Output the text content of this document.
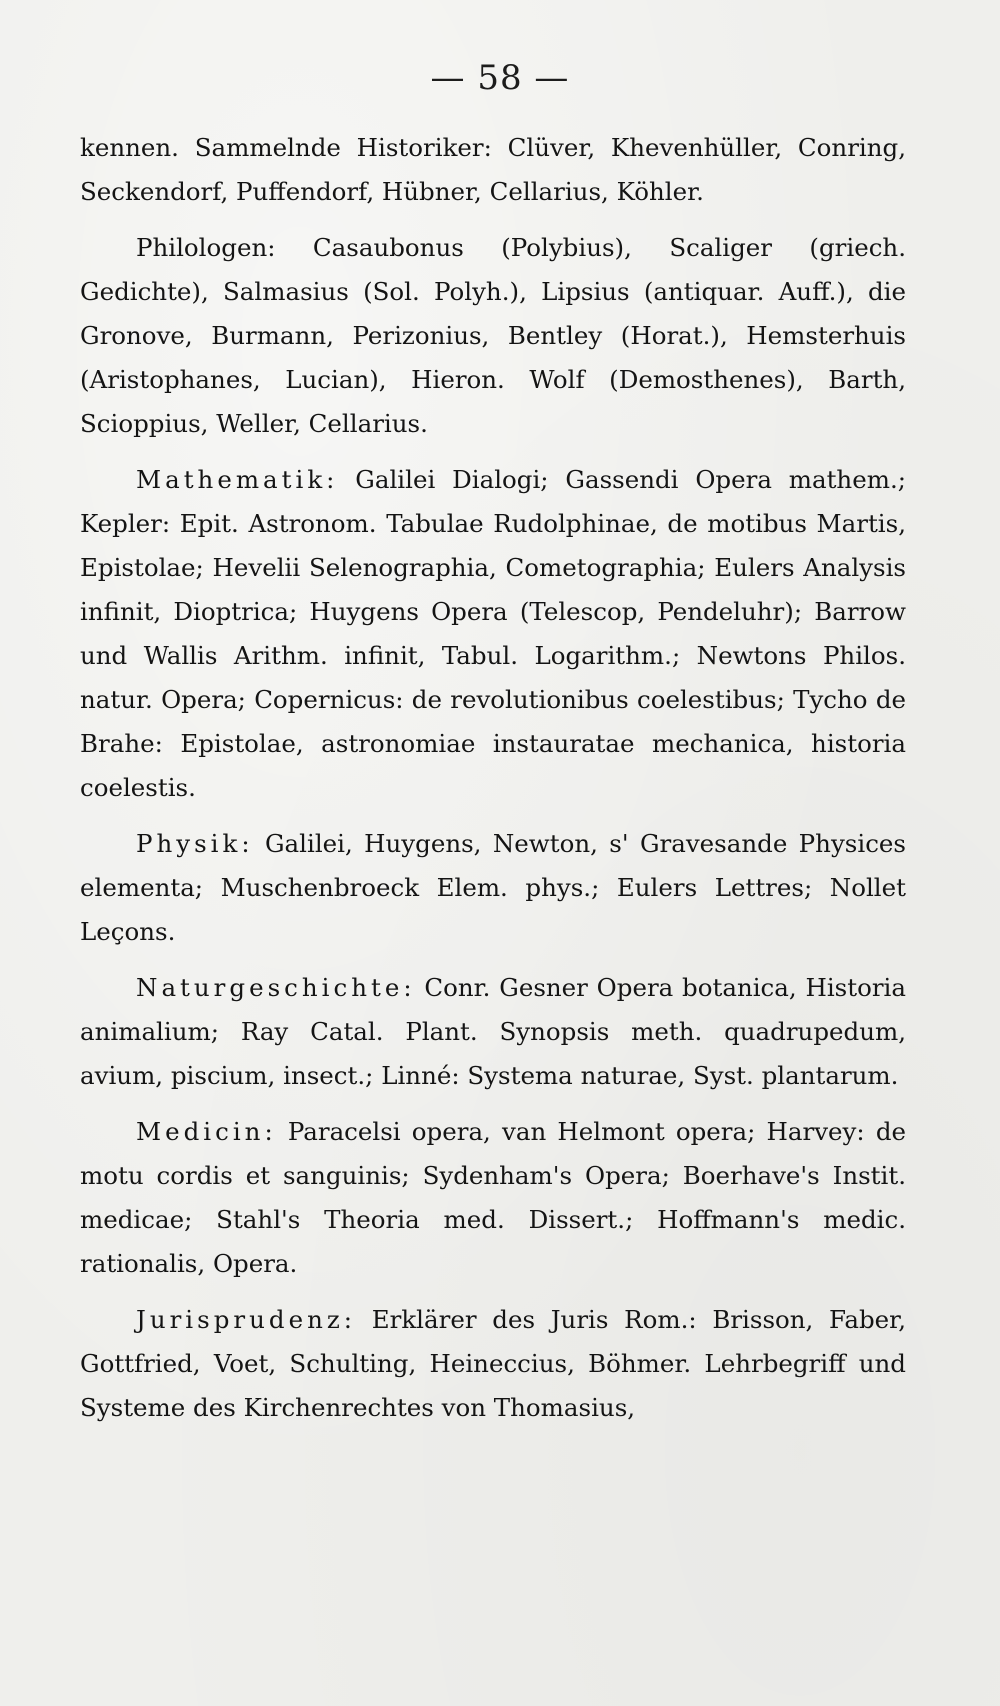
— 58 —

kennen. Sammelnde Historiker: Clüver, Khevenhüller, Conring, Seckendorf, Puffendorf, Hübner, Cellarius, Köhler.

Philologen: Casaubonus (Polybius), Scaliger (griech. Gedichte), Salmasius (Sol. Polyh.), Lipsius (antiquar. Auff.), die Gronove, Burmann, Perizonius, Bentley (Horat.), Hemsterhuis (Aristophanes, Lucian), Hieron. Wolf (Demosthenes), Barth, Scioppius, Weller, Cellarius.

Mathematik: Galilei Dialogi; Gassendi Opera mathem.; Kepler: Epit. Astronom. Tabulae Rudolphinae, de motibus Martis, Epistolae; Hevelii Selenographia, Cometographia; Eulers Analysis infinit, Dioptrica; Huygens Opera (Telescop, Pendeluhr); Barrow und Wallis Arithm. infinit, Tabul. Logarithm.; Newtons Philos. natur. Opera; Copernicus: de revolutionibus coelestibus; Tycho de Brahe: Epistolae, astronomiae instauratae mechanica, historia coelestis.

Physik: Galilei, Huygens, Newton, s' Gravesande Physices elementa; Muschenbroeck Elem. phys.; Eulers Lettres; Nollet Leçons.

Naturgeschichte: Conr. Gesner Opera botanica, Historia animalium; Ray Catal. Plant. Synopsis meth. quadrupedum, avium, piscium, insect.; Linné: Systema naturae, Syst. plantarum.

Medicin: Paracelsi opera, van Helmont opera; Harvey: de motu cordis et sanguinis; Sydenham's Opera; Boerhave's Instit. medicae; Stahl's Theoria med. Dissert.; Hoffmann's medic. rationalis, Opera.

Jurisprudenz: Erklärer des Juris Rom.: Brisson, Faber, Gottfried, Voet, Schulting, Heineccius, Böhmer. Lehrbegriff und Systeme des Kirchenrechtes von Thomasius,
